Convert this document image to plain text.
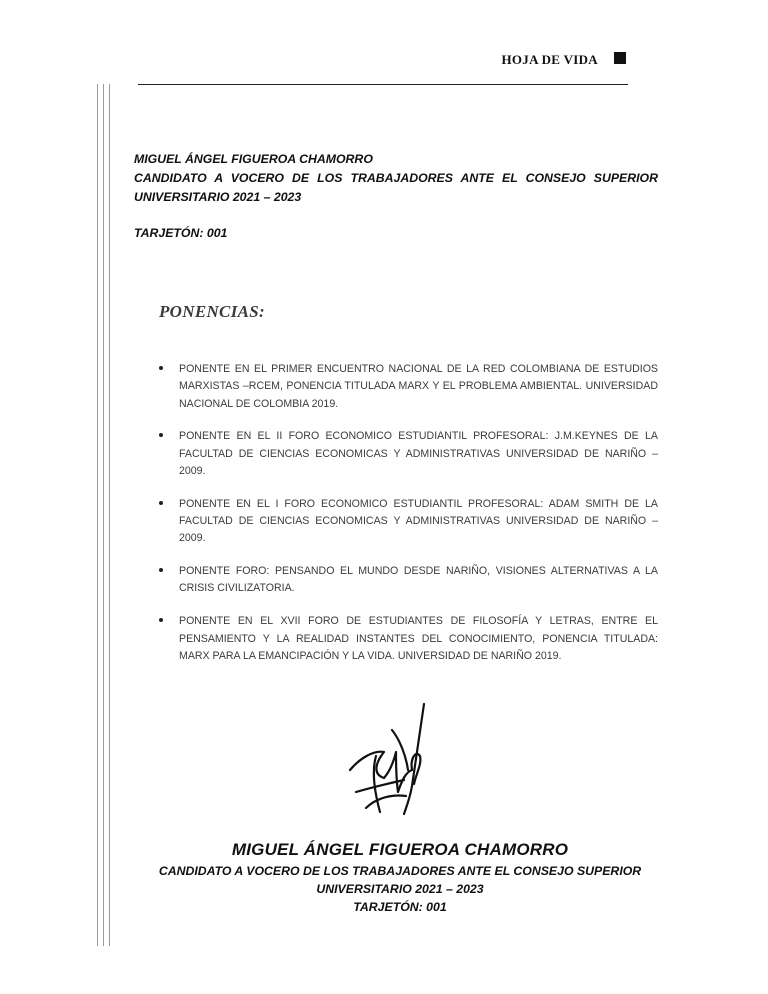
HOJA DE VIDA
MIGUEL ÁNGEL FIGUEROA CHAMORRO
CANDIDATO A VOCERO DE LOS TRABAJADORES ANTE EL CONSEJO SUPERIOR UNIVERSITARIO 2021 – 2023
TARJETÓN: 001
PONENCIAS:
PONENTE EN EL PRIMER ENCUENTRO NACIONAL DE LA RED COLOMBIANA DE ESTUDIOS MARXISTAS –RCEM, PONENCIA TITULADA MARX Y EL PROBLEMA AMBIENTAL. UNIVERSIDAD NACIONAL DE COLOMBIA 2019.
PONENTE EN EL II FORO ECONOMICO ESTUDIANTIL PROFESORAL: J.M.KEYNES DE LA FACULTAD DE CIENCIAS ECONOMICAS Y ADMINISTRATIVAS UNIVERSIDAD DE NARIÑO – 2009.
PONENTE EN EL I FORO ECONOMICO ESTUDIANTIL PROFESORAL: ADAM SMITH DE LA FACULTAD DE CIENCIAS ECONOMICAS Y ADMINISTRATIVAS UNIVERSIDAD DE NARIÑO – 2009.
PONENTE FORO: PENSANDO EL MUNDO DESDE NARIÑO, VISIONES ALTERNATIVAS A LA CRISIS CIVILIZATORIA.
PONENTE EN EL XVII FORO DE ESTUDIANTES DE FILOSOFÍA Y LETRAS, ENTRE EL PENSAMIENTO Y LA REALIDAD INSTANTES DEL CONOCIMIENTO, PONENCIA TITULADA: MARX PARA LA EMANCIPACIÓN Y LA VIDA. UNIVERSIDAD DE NARIÑO 2019.
MIGUEL ÁNGEL FIGUEROA CHAMORRO
CANDIDATO A VOCERO DE LOS TRABAJADORES ANTE EL CONSEJO SUPERIOR
UNIVERSITARIO 2021 – 2023
TARJETÓN: 001
